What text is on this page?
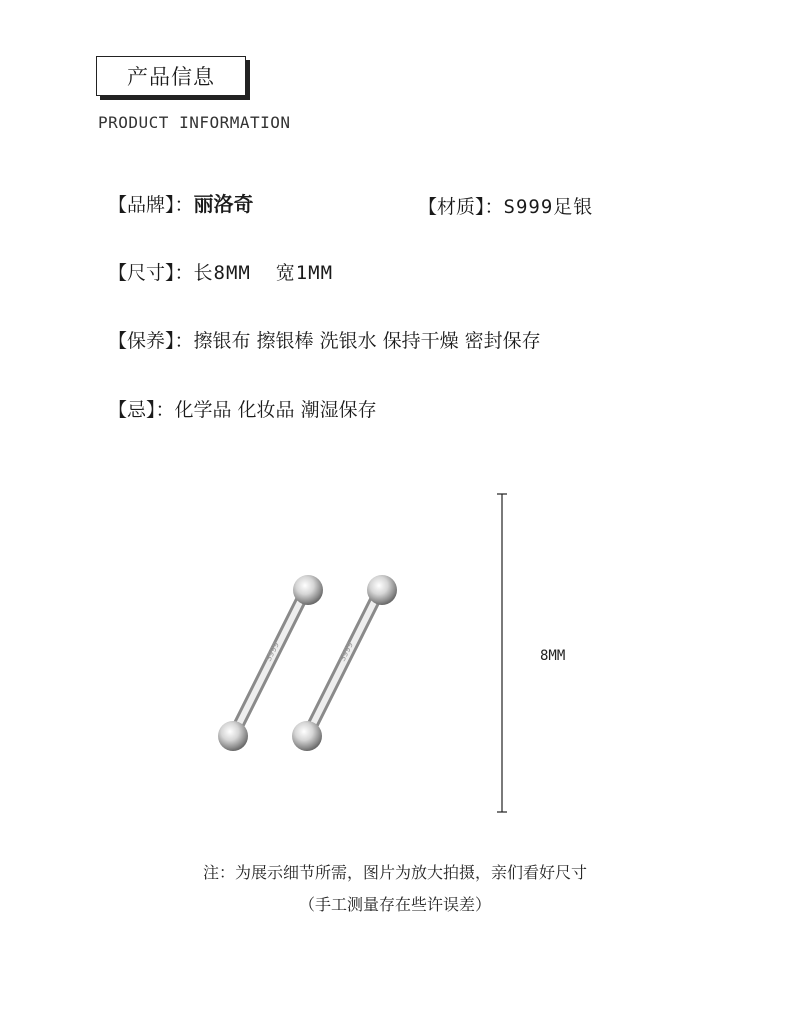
产品信息
PRODUCT INFORMATION
【品牌】：丽洛奇	【材质】：S999足银
【尺寸】：长8MM  宽1MM
【保养】：擦银布 擦银棒 洗银水 保持干燥 密封保存
【忌】：化学品 化妆品 潮湿保存
S999	S999	8MM
注：为展示细节所需，图片为放大拍摄，亲们看好尺寸
（手工测量存在些许误差）
